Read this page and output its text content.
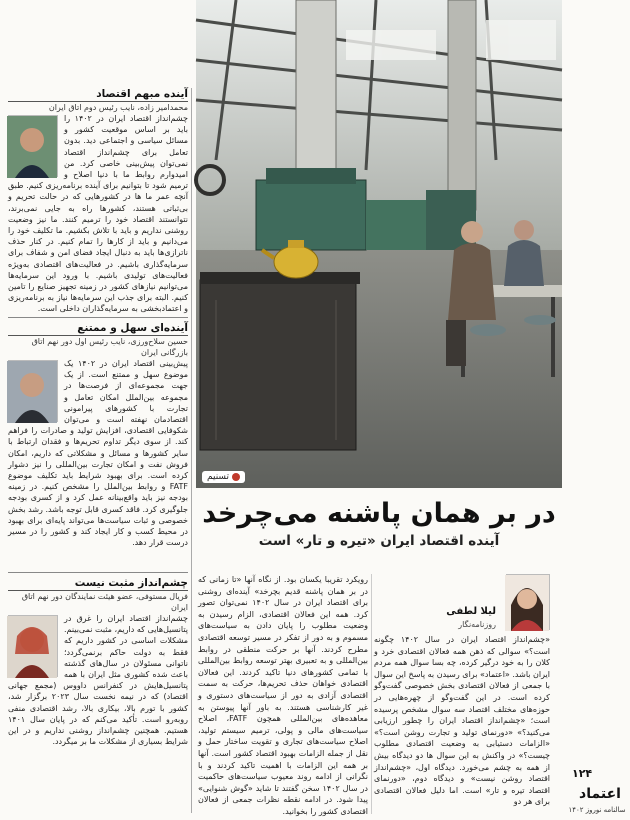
تسنیم
آینده مبهم اقتصاد
محمدامیر زاده، نایب رئیس دوم اتاق ایران
چشم‌انداز اقتصاد ایران در ۱۴۰۲ را باید بر اساس موقعیت کشور و مسائل سیاسی و اجتماعی دید. بدون تعامل برای چشم‌انداز اقتصاد نمی‌توان پیش‌بینی خاصی کرد. من امیدوارم روابط ما با دنیا اصلاح و ترمیم شود تا بتوانیم برای آینده برنامه‌ریزی کنیم. طبق آنچه عمر ما ها در کشورهایی که در حالت تحریم و بی‌ثباتی هستند، کشورها راه به جایی نمی‌برند، نتوانستند اقتصاد خود را ترمیم کنند. ما نیز وضعیت روشنی نداریم و باید با تلاش بکشیم. ما تکلیف خود را می‌دانیم و باید از کارها را تمام کنیم. در کنار حذف ناترازی‌ها باید به دنبال ایجاد فضای امن و شفاف برای سرمایه‌گذاری باشیم. در فعالیت‌های اقتصادی به‌ویژه فعالیت‌های تولیدی باشیم. با ورود این سرمایه‌ها می‌توانیم نیازهای کشور در زمینه تجهیز صنایع را تامین کنیم. البته برای جذب این سرمایه‌ها نیاز به برنامه‌ریزی و اعتمادبخشی به سرمایه‌گذاران داخلی است.
آینده‌ای سهل و ممتنع
حسین سلاح‌ورزی، نایب رئیس اول دور نهم اتاق بازرگانی ایران
پیش‌بینی اقتصاد ایران در ۱۴۰۲ یک موضوع سهل و ممتنع است. از یک جهت مجموعه‌ای از فرصت‌ها در مجموعه بین‌الملل امکان تعامل و تجارت با کشورهای پیرامونی اقتصادمان نهفته است و می‌توان شکوفایی اقتصادی، افزایش تولید و صادرات را فراهم کند. از سوی دیگر تداوم تحریم‌ها و فقدان ارتباط با سایر کشورها و مسائل و مشکلاتی که داریم، امکان فروش نفت و امکان تجارت بین‌المللی را نیز دشوار کرده است. برای بهبود شرایط باید تکلیف موضوع FATF و روابط بین‌الملل را مشخص کنیم. در زمینه بودجه نیز باید واقع‌بینانه عمل کرد و از کسری بودجه جلوگیری کرد. فاقد کسری قابل توجه باشد. رشد بخش خصوصی و ثبات سیاست‌ها می‌تواند پایه‌ای برای بهبود در محیط کسب و کار ایجاد کند و کشور را در مسیر درست قرار دهد.
چشم‌انداز مثبت نیست
فریال مستوفی، عضو هیئت نمایندگان دور نهم اتاق ایران
چشم‌انداز اقتصاد ایران را غرق در پتانسیل‌هایی که داریم، مثبت نمی‌بینم. مشکلات اساسی در کشور داریم که فقط به دولت حاکم برنمی‌گردد؛ ناتوانی مسئولان در سال‌های گذشته باعث شده کشوری مثل ایران با همه پتانسیل‌هایش در کنفرانس داووس (مجمع جهانی اقتصاد) که در نیمه نخست سال ۲۰۲۳ برگزار شد، کشور با تورم بالا، بیکاری بالا، رشد اقتصادی منفی روبه‌رو است. تأکید می‌کنم که در پایان سال ۱۴۰۱ هستیم. همچنین چشم‌انداز روشنی نداریم و در این شرایط بسیاری از مشکلات ما بر میگردد.
در بر همان پاشنه می‌چرخد
آینده اقتصاد ایران «تیره و تار» است
لیلا لطفی
روزنامه‌نگار
«چشم‌انداز اقتصاد ایران در سال ۱۴۰۲ چگونه است؟» سوالی که ذهن همه فعالان اقتصادی خرد و کلان را به خود درگیر کرده، چه بسا سوال همه مردم ایران باشد. «اعتماد» برای رسیدن به پاسخ این سوال با جمعی از فعالان اقتصادی بخش خصوصی گفت‌وگو کرده است. در این گفت‌وگو از چهره‌هایی در حوزه‌های مختلف اقتصاد سه سوال مشخص پرسیده است؛ «چشم‌انداز اقتصاد ایران را چطور ارزیابی می‌کنید؟» «دورنمای تولید و تجارت روشن است؟» «الزامات دستیابی به وضعیت اقتصادی مطلوب چیست؟» در واکنش به این سوال ها دو دیدگاه بیش از همه به چشم می‌خورد. دیدگاه اول، «چشم‌انداز اقتصاد روشن نیست» و دیدگاه دوم، «دورنمای اقتصاد تیره و تار» است. اما دلیل فعالان اقتصادی برای هر دو
رویکرد تقریبا یکسان بود. از نگاه آنها «تا زمانی که در بر همان پاشنه قدیم بچرخد» آینده‌ای روشنی برای اقتصاد ایران در سال ۱۴۰۲ نمی‌توان تصور کرد. همه این فعالان اقتصادی، الزام رسیدن به وضعیت مطلوب را پایان دادن به سیاست‌های مسموم و به دور از تفکر در مسیر توسعه اقتصادی مطرح کردند. آنها بر حرکت منطقی در روابط بین‌المللی و به تعبیری بهتر توسعه روابط بین‌المللی با تمامی کشورهای دنیا تاکید کردند. این فعالان اقتصادی خواهان حذف تحریم‌ها، حرکت به سمت اقتصادی آزادی به دور از سیاست‌های دستوری و غیر کارشناسی هستند. به باور آنها پیوستن به معاهده‌های بین‌المللی همچون FATF، اصلاح سیاست‌های مالی و پولی، ترمیم سیستم تولید، اصلاح سیاست‌های تجاری و تقویت ساختار حمل و نقل از جمله الزامات بهبود اقتصاد کشور است. آنها بر همه این الزامات با اهمیت تاکید کردند و با نگرانی از ادامه روند معیوب سیاست‌های حاکمیت در سال ۱۴۰۲ سخن گفتند تا شاید «گوش شنوایی» پیدا شود. در ادامه نقطه نظرات جمعی از فعالان اقتصادی کشور را بخوانید.
۱۲۴
اعتماد
سالنامه نوروز ۱۴۰۲
